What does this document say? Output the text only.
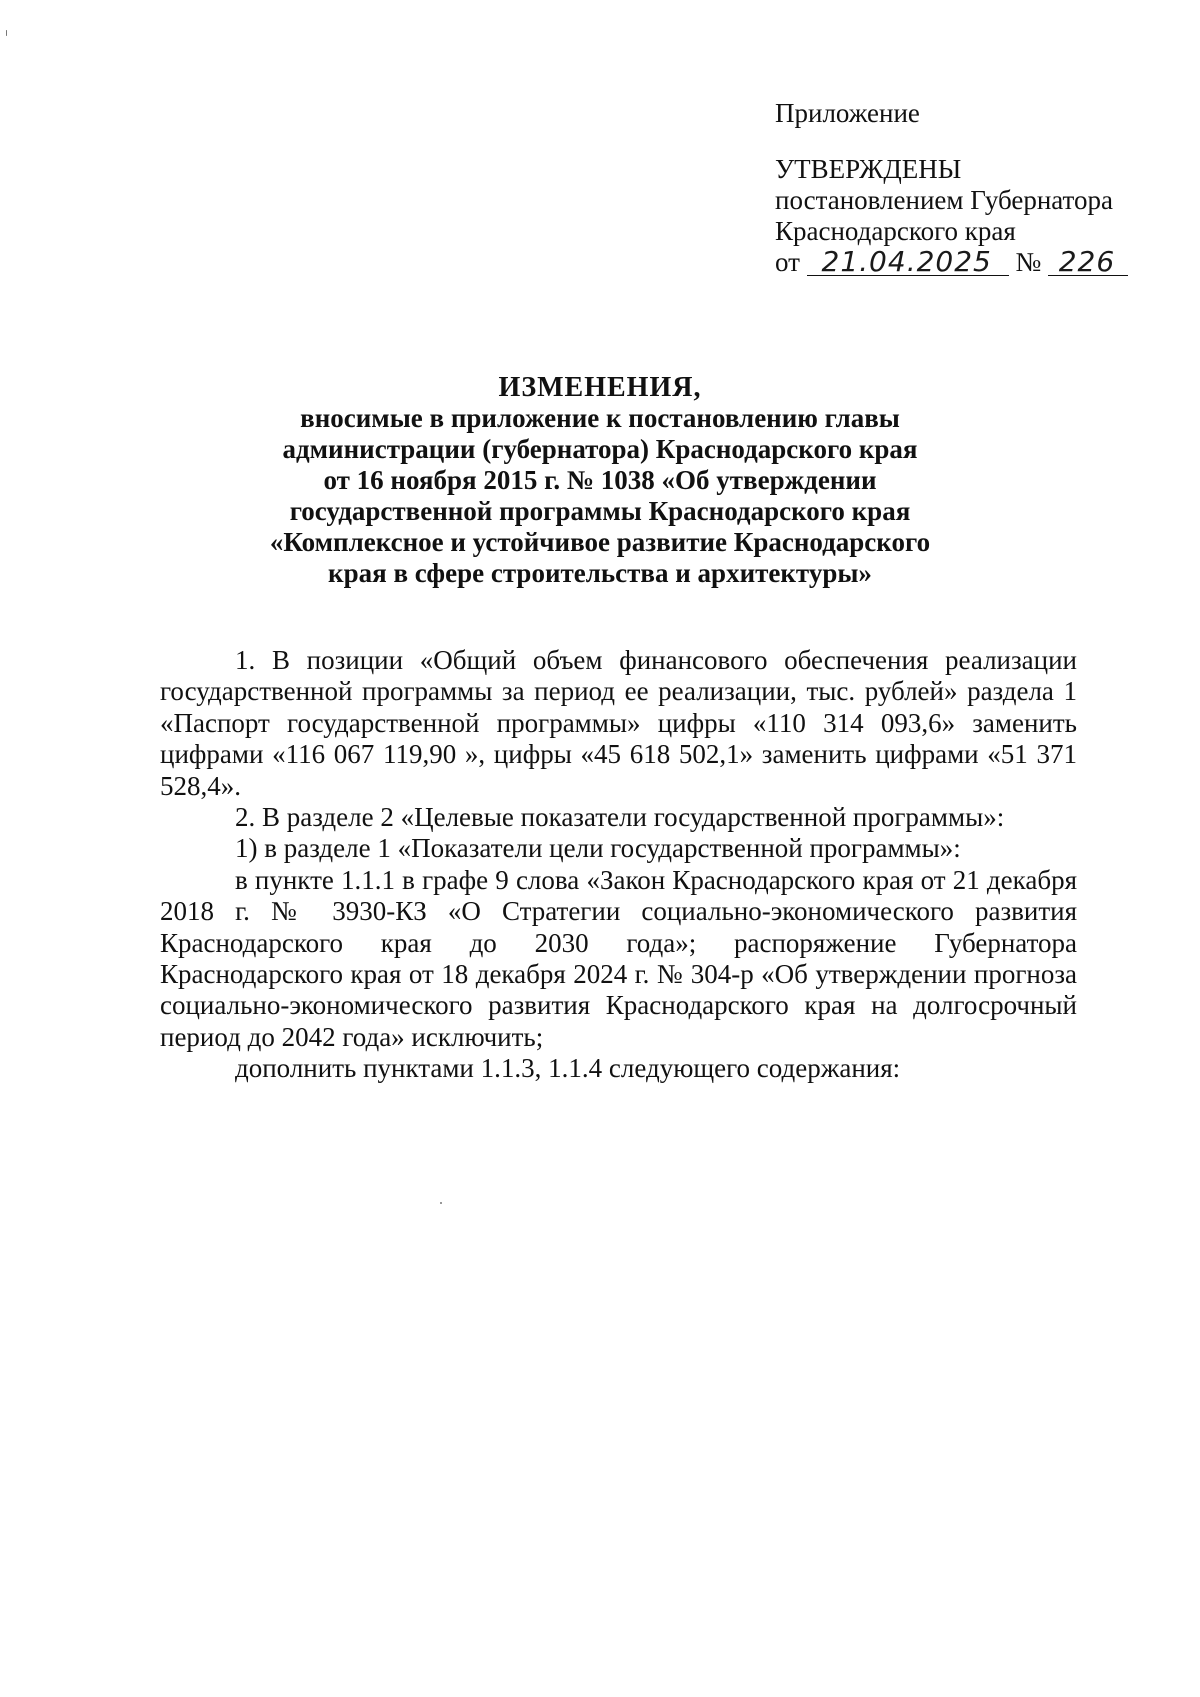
Приложение
УТВЕРЖДЕНЫ
постановлением Губернатора
Краснодарского края
от 21.04.2025 № 226
ИЗМЕНЕНИЯ,
вносимые в приложение к постановлению главы
администрации (губернатора) Краснодарского края
от 16 ноября 2015 г. № 1038 «Об утверждении
государственной программы Краснодарского края
«Комплексное и устойчивое развитие Краснодарского
края в сфере строительства и архитектуры»

1. В позиции «Общий объем финансового обеспечения реализации государственной программы за период ее реализации, тыс. рублей» раздела 1 «Паспорт государственной программы» цифры «110 314 093,6» заменить цифрами «116 067 119,90 », цифры «45 618 502,1» заменить цифрами «51 371 528,4».

2. В разделе 2 «Целевые показатели государственной программы»:

1) в разделе 1 «Показатели цели государственной программы»:

в пункте 1.1.1 в графе 9 слова «Закон Краснодарского края от 21 декабря 2018 г. № 3930-КЗ «О Стратегии социально-экономического развития Краснодарского края до 2030 года»; распоряжение Губернатора Краснодарского края от 18 декабря 2024 г. № 304-р «Об утверждении прогноза социально-экономического развития Краснодарского края на долгосрочный период до 2042 года» исключить;

дополнить пунктами 1.1.3, 1.1.4 следующего содержания:
